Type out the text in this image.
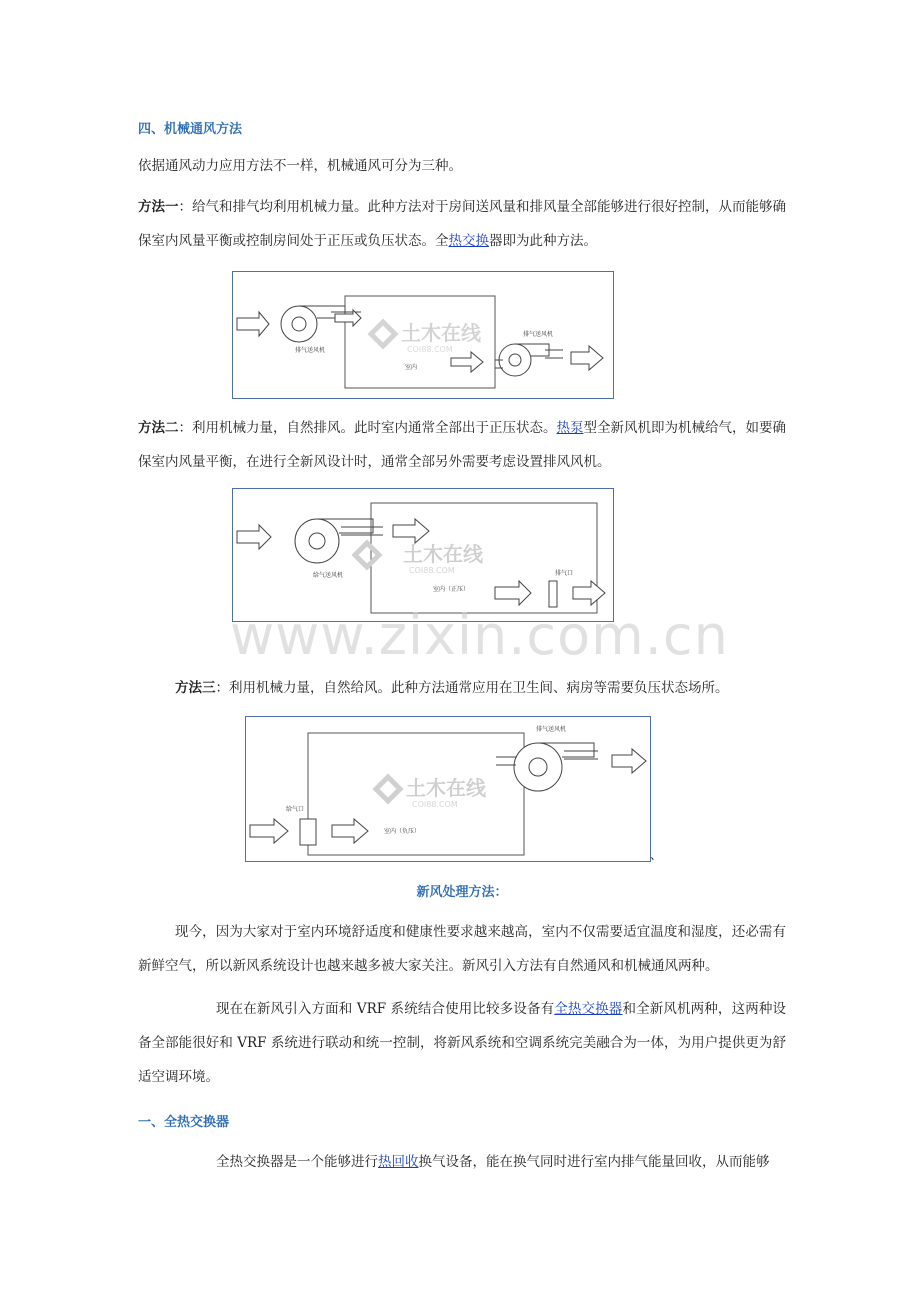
四、机械通风方法
依据通风动力应用方法不一样，机械通风可分为三种。
方法一：给气和排气均利用机械力量。此种方法对于房间送风量和排风量全部能够进行很好控制，从而能够确保室内风量平衡或控制房间处于正压或负压状态。全热交换器即为此种方法。
排气送风机
室内
排气送风机
土木在线
COI88.COM
方法二：利用机械力量，自然排风。此时室内通常全部出于正压状态。热泵型全新风机即为机械给气，如要确保室内风量平衡，在进行全新风设计时，通常全部另外需要考虑设置排风风机。
给气送风机
室内（正压）
排气口
土木在线
COI88.COM
www.zixin.com.cn
方法三：利用机械力量，自然给风。此种方法通常应用在卫生间、病房等需要负压状态场所。
排气送风机
给气口
室内（负压）
土木在线
COI88.COM
、
新风处理方法：
现今，因为大家对于室内环境舒适度和健康性要求越来越高，室内不仅需要适宜温度和湿度，还必需有新鲜空气，所以新风系统设计也越来越多被大家关注。新风引入方法有自然通风和机械通风两种。
现在在新风引入方面和 VRF 系统结合使用比较多设备有全热交换器和全新风机两种，这两种设备全部能很好和 VRF 系统进行联动和统一控制，将新风系统和空调系统完美融合为一体，为用户提供更为舒适空调环境。
一、全热交换器
全热交换器是一个能够进行热回收换气设备，能在换气同时进行室内排气能量回收，从而能够
